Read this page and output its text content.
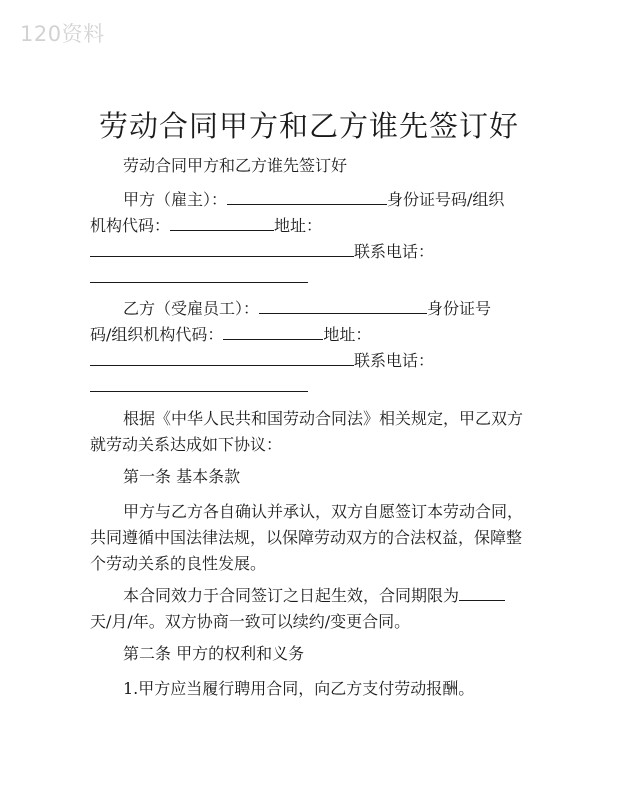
120资料
劳动合同甲方和乙方谁先签订好

劳动合同甲方和乙方谁先签订好

甲方（雇主）：	身份证号码/组织

机构代码：	地址：

联系电话：

乙方（受雇员工）：	身份证号

码/组织机构代码：	地址：

联系电话：

根据《中华人民共和国劳动合同法》相关规定，甲乙双方

就劳动关系达成如下协议：

第一条 基本条款

甲方与乙方各自确认并承认，双方自愿签订本劳动合同，

共同遵循中国法律法规，以保障劳动双方的合法权益，保障整

个劳动关系的良性发展。

本合同效力于合同签订之日起生效，合同期限为

天/月/年。双方协商一致可以续约/变更合同。

第二条 甲方的权利和义务

1.甲方应当履行聘用合同，向乙方支付劳动报酬。
